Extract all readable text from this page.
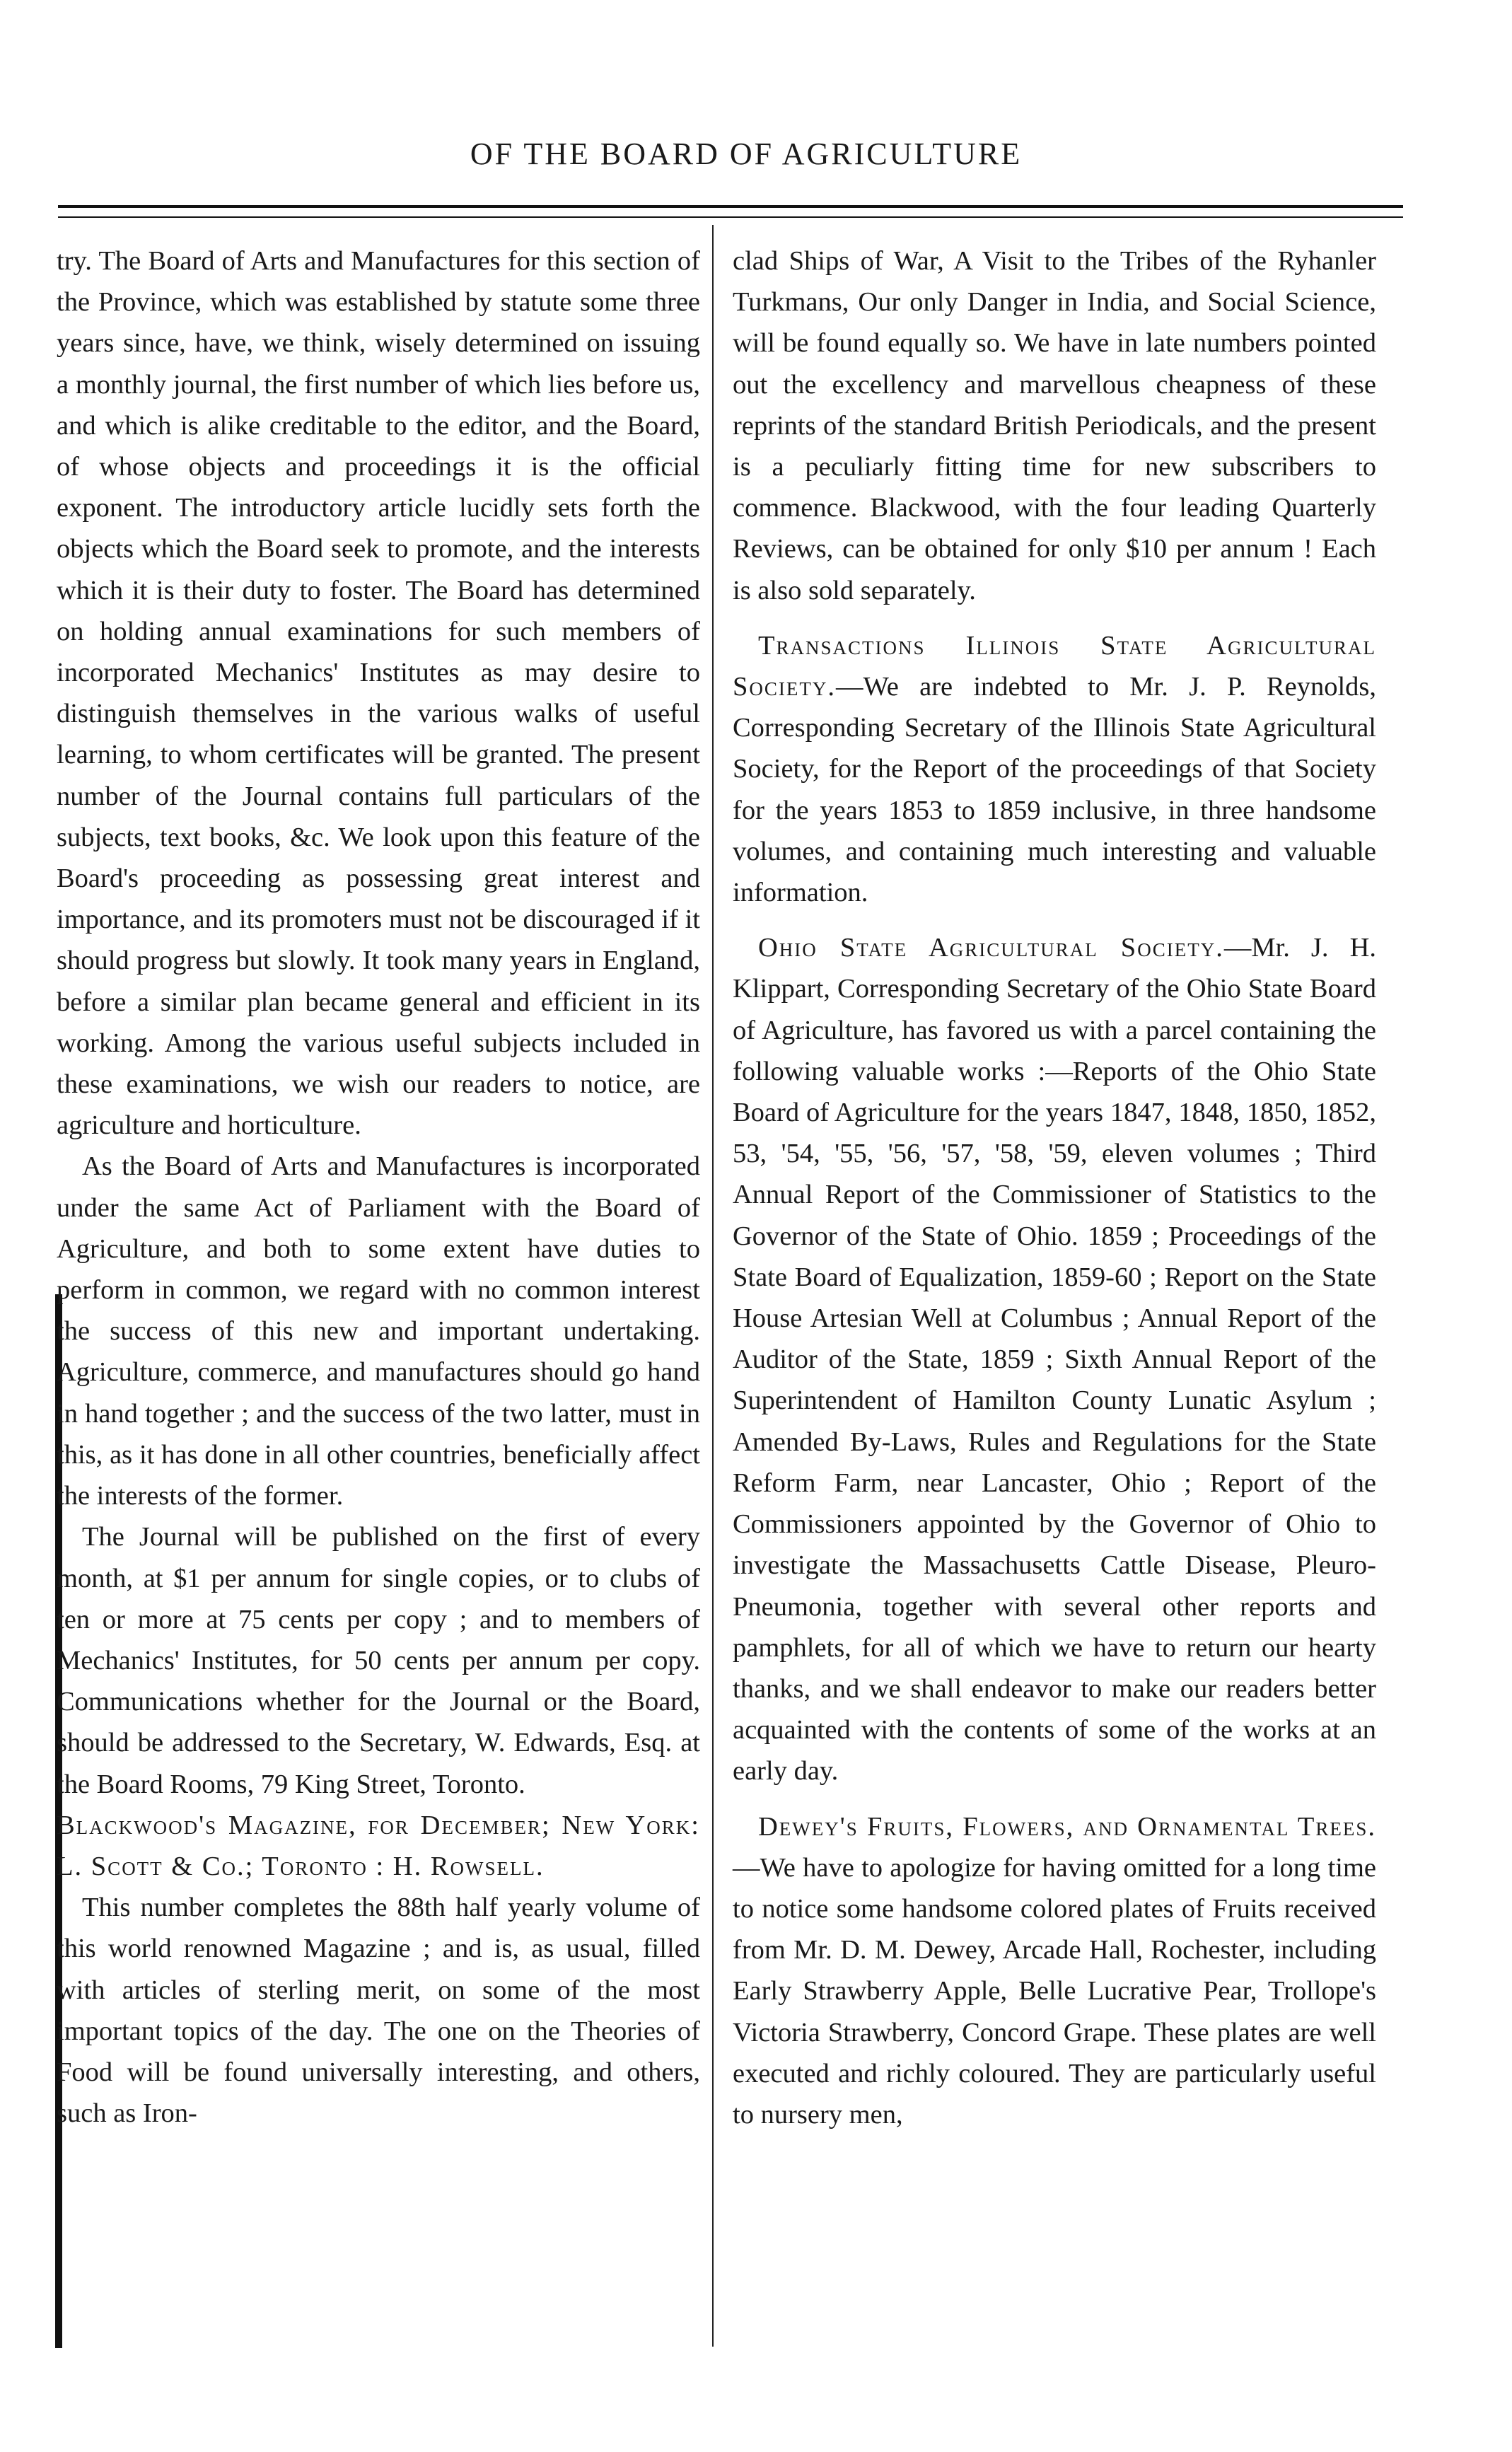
OF THE BOARD OF AGRICULTURE

try. The Board of Arts and Manufactures for this section of the Province, which was established by statute some three years since, have, we think, wisely determined on issuing a monthly journal, the first number of which lies before us, and which is alike creditable to the editor, and the Board, of whose objects and proceedings it is the official exponent. The introductory article lucidly sets forth the objects which the Board seek to promote, and the interests which it is their duty to foster. The Board has determined on holding annual examinations for such members of incorporated Mechanics' Institutes as may desire to distinguish themselves in the various walks of useful learning, to whom certificates will be granted. The present number of the Journal contains full particulars of the subjects, text books, &c. We look upon this feature of the Board's proceeding as possessing great interest and importance, and its promoters must not be discouraged if it should progress but slowly. It took many years in England, before a similar plan became general and efficient in its working. Among the various useful subjects included in these examinations, we wish our readers to notice, are agriculture and horticulture.

As the Board of Arts and Manufactures is incorporated under the same Act of Parliament with the Board of Agriculture, and both to some extent have duties to perform in common, we regard with no common interest the success of this new and important undertaking. Agriculture, commerce, and manufactures should go hand in hand together ; and the success of the two latter, must in this, as it has done in all other countries, beneficially affect the interests of the former.

The Journal will be published on the first of every month, at $1 per annum for single copies, or to clubs of ten or more at 75 cents per copy ; and to members of Mechanics' Institutes, for 50 cents per annum per copy. Communications whether for the Journal or the Board, should be addressed to the Secretary, W. Edwards, Esq. at the Board Rooms, 79 King Street, Toronto.

Blackwood's Magazine, for December; New York: L. Scott & Co.; Toronto : H. Rowsell.

This number completes the 88th half yearly volume of this world renowned Magazine ; and is, as usual, filled with articles of sterling merit, on some of the most important topics of the day. The one on the Theories of Food will be found universally interesting, and others, such as Iron-

clad Ships of War, A Visit to the Tribes of the Ryhanler Turkmans, Our only Danger in India, and Social Science, will be found equally so. We have in late numbers pointed out the excellency and marvellous cheapness of these reprints of the standard British Periodicals, and the present is a peculiarly fitting time for new subscribers to commence. Blackwood, with the four leading Quarterly Reviews, can be obtained for only $10 per annum ! Each is also sold separately.

Transactions Illinois State Agricultural Society.—We are indebted to Mr. J. P. Reynolds, Corresponding Secretary of the Illinois State Agricultural Society, for the Report of the proceedings of that Society for the years 1853 to 1859 inclusive, in three handsome volumes, and containing much interesting and valuable information.

Ohio State Agricultural Society.—Mr. J. H. Klippart, Corresponding Secretary of the Ohio State Board of Agriculture, has favored us with a parcel containing the following valuable works :—Reports of the Ohio State Board of Agriculture for the years 1847, 1848, 1850, 1852, 53, '54, '55, '56, '57, '58, '59, eleven volumes ; Third Annual Report of the Commissioner of Statistics to the Governor of the State of Ohio. 1859 ; Proceedings of the State Board of Equalization, 1859-60 ; Report on the State House Artesian Well at Columbus ; Annual Report of the Auditor of the State, 1859 ; Sixth Annual Report of the Superintendent of Hamilton County Lunatic Asylum ; Amended By-Laws, Rules and Regulations for the State Reform Farm, near Lancaster, Ohio ; Report of the Commissioners appointed by the Governor of Ohio to investigate the Massachusetts Cattle Disease, Pleuro-Pneumonia, together with several other reports and pamphlets, for all of which we have to return our hearty thanks, and we shall endeavor to make our readers better acquainted with the contents of some of the works at an early day.

Dewey's Fruits, Flowers, and Ornamental Trees.—We have to apologize for having omitted for a long time to notice some handsome colored plates of Fruits received from Mr. D. M. Dewey, Arcade Hall, Rochester, including Early Strawberry Apple, Belle Lucrative Pear, Trollope's Victoria Strawberry, Concord Grape. These plates are well executed and richly coloured. They are particularly useful to nursery men,
